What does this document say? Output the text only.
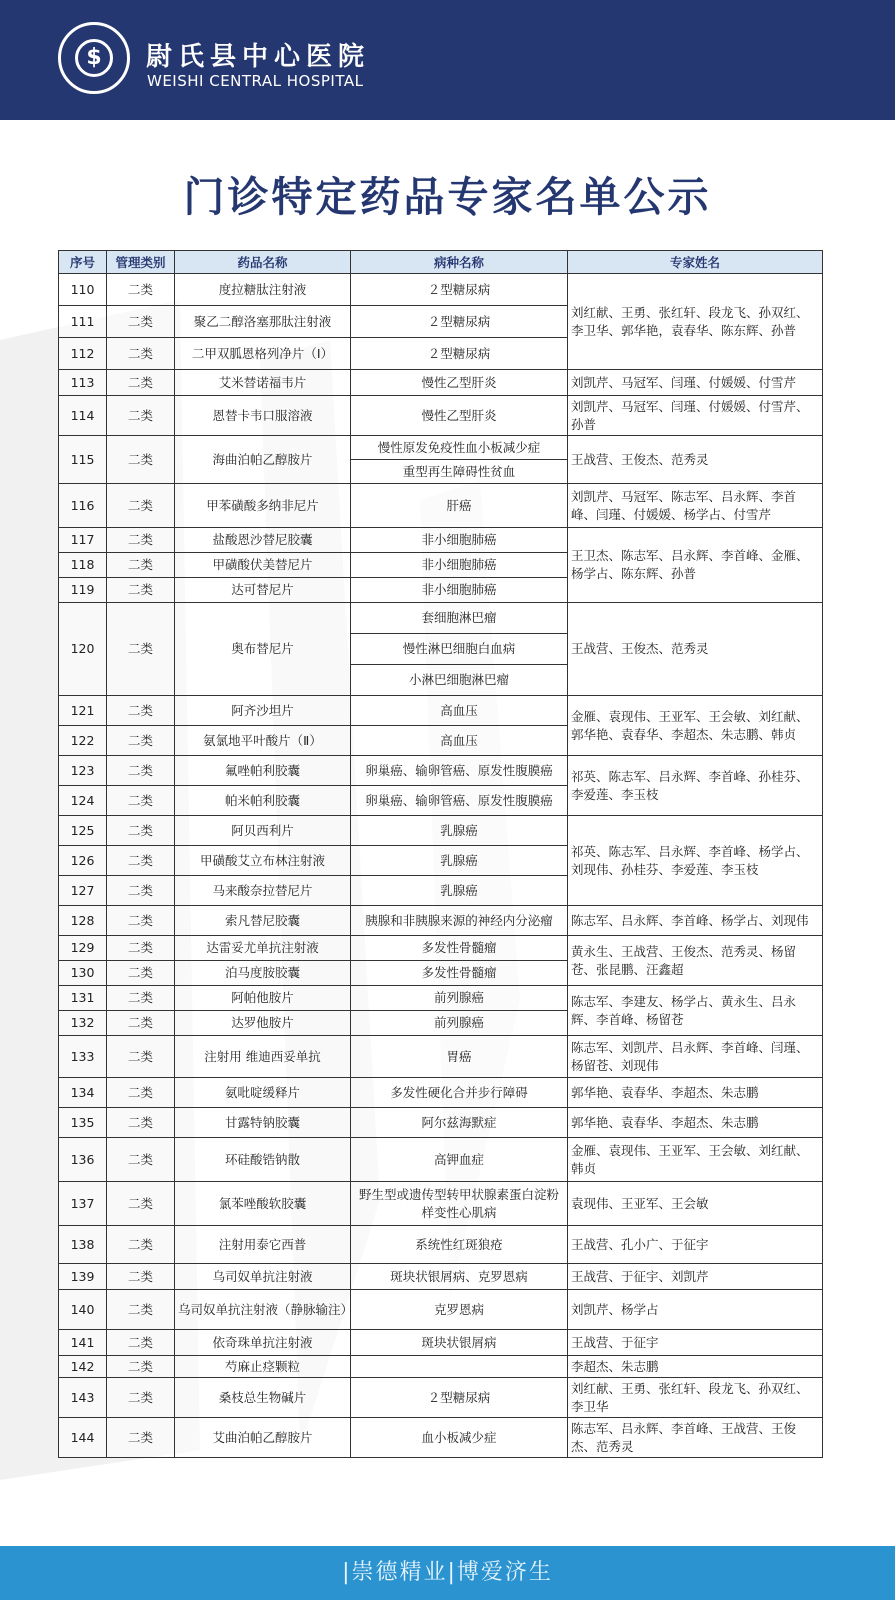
$	尉氏县中心医院
WEISHI CENTRAL HOSPITAL
门诊特定药品专家名单公示
序号	管理类别	药品名称	病种名称	专家姓名
110	二类	度拉糖肽注射液	２型糖尿病	刘红献、王勇、张红轩、段龙飞、孙双红、李卫华、郭华艳，袁春华、陈东辉、孙普
111	二类	聚乙二醇洛塞那肽注射液	２型糖尿病	
112	二类	二甲双胍恩格列净片（Ⅰ）	２型糖尿病	
113	二类	艾米替诺福韦片	慢性乙型肝炎	刘凯芹、马冠军、闫瑾、付媛媛、付雪芹
114	二类	恩替卡韦口服溶液	慢性乙型肝炎	刘凯芹、马冠军、闫瑾、付媛媛、付雪芹、孙普
115	二类	海曲泊帕乙醇胺片	慢性原发免疫性血小板减少症	王战营、王俊杰、范秀灵
			重型再生障碍性贫血	
116	二类	甲苯磺酸多纳非尼片	肝癌	刘凯芹、马冠军、陈志军、吕永辉、李首峰、闫瑾、付媛媛、杨学占、付雪芹
117	二类	盐酸恩沙替尼胶囊	非小细胞肺癌	王卫杰、陈志军、吕永辉、李首峰、金雁、杨学占、陈东辉、孙普
118	二类	甲磺酸伏美替尼片	非小细胞肺癌	
119	二类	达可替尼片	非小细胞肺癌	
120	二类	奥布替尼片	套细胞淋巴瘤	王战营、王俊杰、范秀灵
			慢性淋巴细胞白血病	
			小淋巴细胞淋巴瘤	
121	二类	阿齐沙坦片	高血压	金雁、袁现伟、王亚军、王会敏、刘红献、郭华艳、袁春华、李超杰、朱志鹏、韩贞
122	二类	氨氯地平叶酸片（Ⅱ）	高血压	
123	二类	氟唑帕利胶囊	卵巢癌、输卵管癌、原发性腹膜癌	祁英、陈志军、吕永辉、李首峰、孙桂芬、李爱莲、李玉枝
124	二类	帕米帕利胶囊	卵巢癌、输卵管癌、原发性腹膜癌	
125	二类	阿贝西利片	乳腺癌	祁英、陈志军、吕永辉、李首峰、杨学占、刘现伟、孙桂芬、李爱莲、李玉枝
126	二类	甲磺酸艾立布林注射液	乳腺癌	
127	二类	马来酸奈拉替尼片	乳腺癌	
128	二类	索凡替尼胶囊	胰腺和非胰腺来源的神经内分泌瘤	陈志军、吕永辉、李首峰、杨学占、刘现伟
129	二类	达雷妥尤单抗注射液	多发性骨髓瘤	黄永生、王战营、王俊杰、范秀灵、杨留苍、张昆鹏、汪鑫超
130	二类	泊马度胺胶囊	多发性骨髓瘤	
131	二类	阿帕他胺片	前列腺癌	陈志军、李建友、杨学占、黄永生、吕永辉、李首峰、杨留苍
132	二类	达罗他胺片	前列腺癌	
133	二类	注射用 维迪西妥单抗	胃癌	陈志军、刘凯芹、吕永辉、李首峰、闫瑾、杨留苍、刘现伟
134	二类	氨吡啶缓释片	多发性硬化合并步行障碍	郭华艳、袁春华、李超杰、朱志鹏
135	二类	甘露特钠胶囊	阿尔兹海默症	郭华艳、袁春华、李超杰、朱志鹏
136	二类	环硅酸锆钠散	高钾血症	金雁、袁现伟、王亚军、王会敏、刘红献、韩贞
137	二类	氯苯唑酸软胶囊	野生型或遗传型转甲状腺素蛋白淀粉样变性心肌病	袁现伟、王亚军、王会敏
138	二类	注射用泰它西普	系统性红斑狼疮	王战营、孔小广、于征宇
139	二类	乌司奴单抗注射液	斑块状银屑病、克罗恩病	王战营、于征宇、刘凯芹
140	二类	乌司奴单抗注射液（静脉输注）	克罗恩病	刘凯芹、杨学占
141	二类	依奇珠单抗注射液	斑块状银屑病	王战营、于征宇
142	二类	芍麻止痉颗粒		李超杰、朱志鹏
143	二类	桑枝总生物碱片	２型糖尿病	刘红献、王勇、张红轩、段龙飞、孙双红、李卫华
144	二类	艾曲泊帕乙醇胺片	血小板减少症	陈志军、吕永辉、李首峰、王战营、王俊杰、范秀灵
|崇德精业|博爱济生
